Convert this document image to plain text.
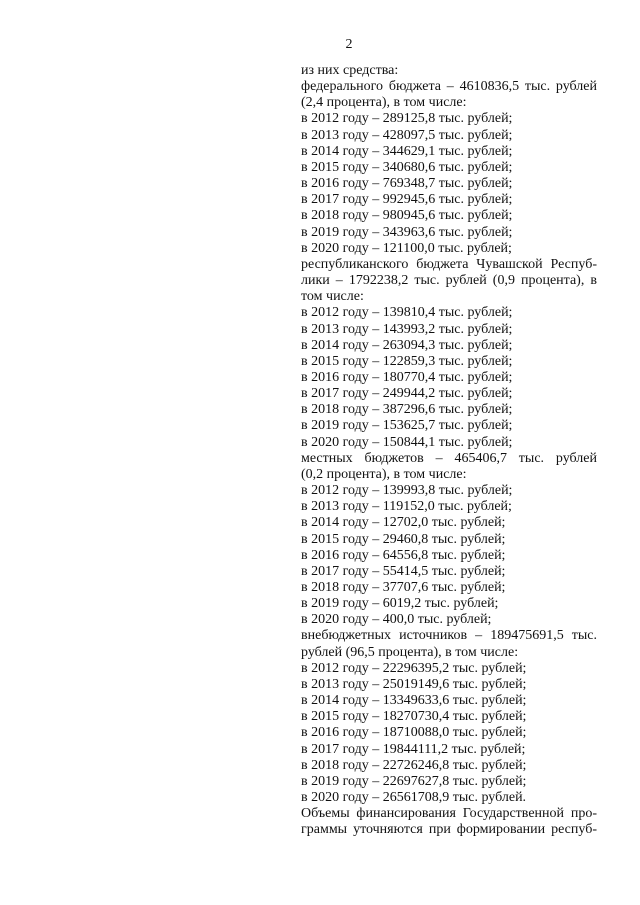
2
из них средства:
федерального бюджета – 4610836,5 тыс. рублей
(2,4 процента), в том числе:
в 2012 году – 289125,8 тыс. рублей;
в 2013 году – 428097,5 тыс. рублей;
в 2014 году – 344629,1 тыс. рублей;
в 2015 году – 340680,6 тыс. рублей;
в 2016 году – 769348,7 тыс. рублей;
в 2017 году – 992945,6 тыс. рублей;
в 2018 году – 980945,6 тыс. рублей;
в 2019 году – 343963,6 тыс. рублей;
в 2020 году – 121100,0 тыс. рублей;
республиканского бюджета Чувашской Респуб-
лики – 1792238,2 тыс. рублей (0,9 процента), в
том числе:
в 2012 году – 139810,4 тыс. рублей;
в 2013 году – 143993,2 тыс. рублей;
в 2014 году – 263094,3 тыс. рублей;
в 2015 году – 122859,3 тыс. рублей;
в 2016 году – 180770,4 тыс. рублей;
в 2017 году – 249944,2 тыс. рублей;
в 2018 году – 387296,6 тыс. рублей;
в 2019 году – 153625,7 тыс. рублей;
в 2020 году – 150844,1 тыс. рублей;
местных бюджетов – 465406,7 тыс. рублей
(0,2 процента), в том числе:
в 2012 году – 139993,8 тыс. рублей;
в 2013 году – 119152,0 тыс. рублей;
в 2014 году – 12702,0 тыс. рублей;
в 2015 году – 29460,8 тыс. рублей;
в 2016 году – 64556,8 тыс. рублей;
в 2017 году – 55414,5 тыс. рублей;
в 2018 году – 37707,6 тыс. рублей;
в 2019 году – 6019,2 тыс. рублей;
в 2020 году – 400,0 тыс. рублей;
внебюджетных источников – 189475691,5 тыс.
рублей (96,5 процента), в том числе:
в 2012 году – 22296395,2 тыс. рублей;
в 2013 году – 25019149,6 тыс. рублей;
в 2014 году – 13349633,6 тыс. рублей;
в 2015 году – 18270730,4 тыс. рублей;
в 2016 году – 18710088,0 тыс. рублей;
в 2017 году – 19844111,2 тыс. рублей;
в 2018 году – 22726246,8 тыс. рублей;
в 2019 году – 22697627,8 тыс. рублей;
в 2020 году – 26561708,9 тыс. рублей.
Объемы финансирования Государственной про-
граммы уточняются при формировании респуб-
